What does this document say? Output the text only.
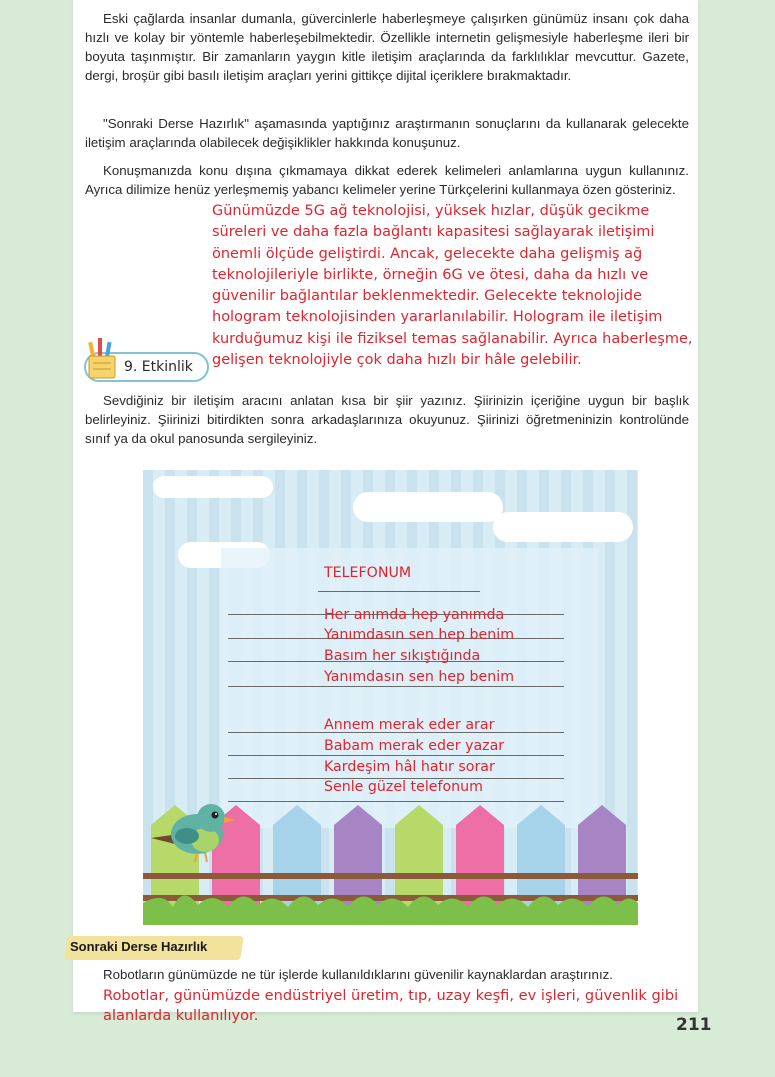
Eski çağlarda insanlar dumanla, güvercinlerle haberleşmeye çalışırken günümüz insanı çok daha hızlı ve kolay bir yöntemle haberleşebilmektedir. Özellikle internetin gelişmesiyle haberleşme ileri bir boyuta taşınmıştır. Bir zamanların yaygın kitle iletişim araçlarında da farklılıklar mevcuttur. Gazete, dergi, broşür gibi basılı iletişim araçları yerini gittikçe dijital içeriklere bırakmaktadır.

"Sonraki Derse Hazırlık" aşamasında yaptığınız araştırmanın sonuçlarını da kullanarak gelecekte iletişim araçlarında olabilecek değişiklikler hakkında konuşunuz.

Konuşmanızda konu dışına çıkmamaya dikkat ederek kelimeleri anlamlarına uygun kullanınız. Ayrıca dilimize henüz yerleşmemiş yabancı kelimeler yerine Türkçelerini kullanmaya özen gösteriniz.

Günümüzde 5G ağ teknolojisi, yüksek hızlar, düşük gecikme süreleri ve daha fazla bağlantı kapasitesi sağlayarak iletişimi önemli ölçüde geliştirdi. Ancak, gelecekte daha gelişmiş ağ teknolojileriyle birlikte, örneğin 6G ve ötesi, daha da hızlı ve güvenilir bağlantılar beklenmektedir. Gelecekte teknolojide hologram teknolojisinden yararlanılabilir. Hologram ile iletişim kurduğumuz kişi ile fiziksel temas sağlanabilir. Ayrıca haberleşme, gelişen teknolojiyle çok daha hızlı bir hâle gelebilir.

9. Etkinlik

Sevdiğiniz bir iletişim aracını anlatan kısa bir şiir yazınız. Şiirinizin içeriğine uygun bir başlık belirleyiniz. Şiirinizi bitirdikten sonra arkadaşlarınıza okuyunuz. Şiirinizi öğretmeninizin kontrolünde sınıf ya da okul panosunda sergileyiniz.

TELEFONUM

Her anımda hep yanımda

Yanımdasın sen hep benim

Basım her sıkıştığında

Yanımdasın sen hep benim

Annem merak eder arar

Babam merak eder yazar

Kardeşim hâl hatır sorar

Senle güzel telefonum

Sonraki Derse Hazırlık

Robotların günümüzde ne tür işlerde kullanıldıklarını güvenilir kaynaklardan araştırınız.

Robotlar, günümüzde endüstriyel üretim, tıp, uzay keşfi, ev işleri, güvenlik gibi alanlarda kullanılıyor.	211
